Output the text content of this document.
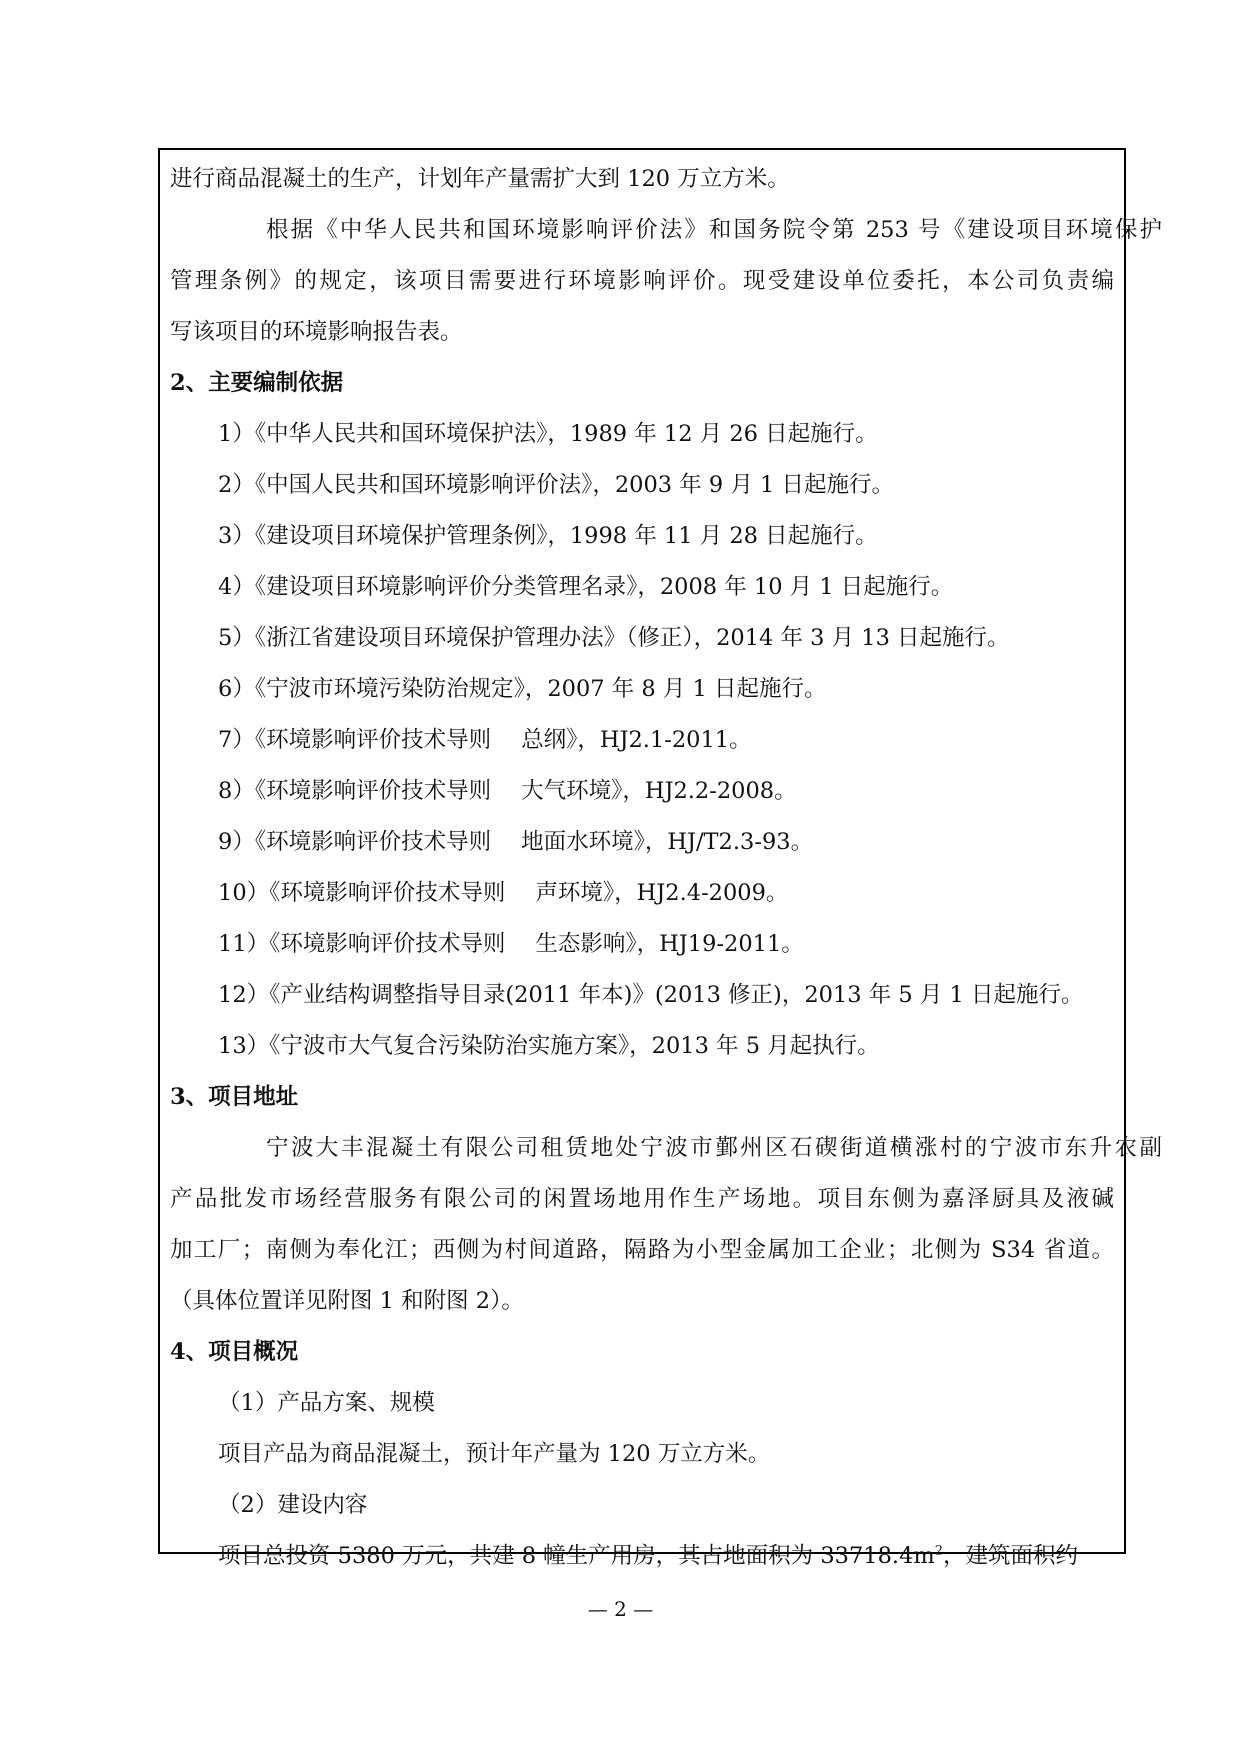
进行商品混凝土的生产，计划年产量需扩大到 120 万立方米。
根据《中华人民共和国环境影响评价法》和国务院令第 253 号《建设项目环境保护
管理条例》的规定，该项目需要进行环境影响评价。现受建设单位委托，本公司负责编
写该项目的环境影响报告表。
2、主要编制依据
1）《中华人民共和国环境保护法》，1989 年 12 月 26 日起施行。
2）《中国人民共和国环境影响评价法》，2003 年 9 月 1 日起施行。
3）《建设项目环境保护管理条例》，1998 年 11 月 28 日起施行。
4）《建设项目环境影响评价分类管理名录》，2008 年 10 月 1 日起施行。
5）《浙江省建设项目环境保护管理办法》（修正），2014 年 3 月 13 日起施行。
6）《宁波市环境污染防治规定》，2007 年 8 月 1 日起施行。
7）《环境影响评价技术导则 总纲》，HJ2.1-2011。
8）《环境影响评价技术导则 大气环境》，HJ2.2-2008。
9）《环境影响评价技术导则 地面水环境》，HJ/T2.3-93。
10）《环境影响评价技术导则 声环境》，HJ2.4-2009。
11）《环境影响评价技术导则 生态影响》，HJ19-2011。
12）《产业结构调整指导目录(2011 年本)》(2013 修正)，2013 年 5 月 1 日起施行。
13）《宁波市大气复合污染防治实施方案》，2013 年 5 月起执行。
3、项目地址
宁波大丰混凝土有限公司租赁地处宁波市鄞州区石碶街道横涨村的宁波市东升农副
产品批发市场经营服务有限公司的闲置场地用作生产场地。项目东侧为嘉泽厨具及液碱
加工厂；南侧为奉化江；西侧为村间道路，隔路为小型金属加工企业；北侧为 S34 省道。
（具体位置详见附图 1 和附图 2）。
4、项目概况
（1）产品方案、规模
项目产品为商品混凝土，预计年产量为 120 万立方米。
（2）建设内容
项目总投资 5380 万元，共建 8 幢生产用房，其占地面积为 $33718.4m^2$，建筑面积约
— 2 —
